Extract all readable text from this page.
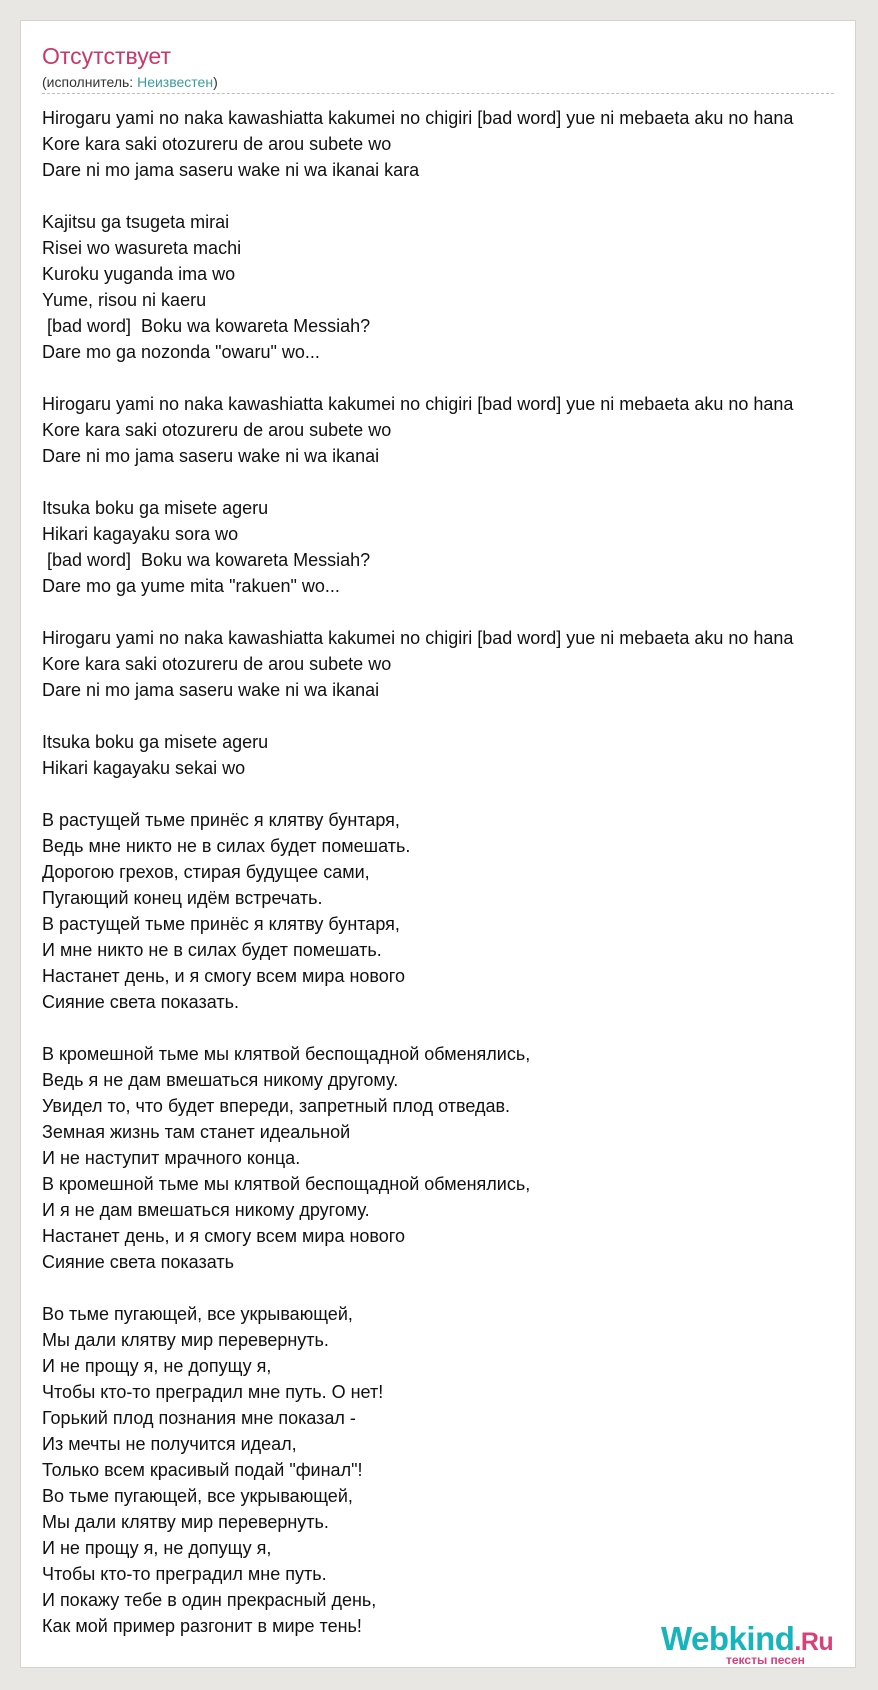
Отсутствует
(исполнитель: Неизвестен)
Hirogaru yami no naka kawashiatta kakumei no chigiri [bad word] yue ni mebaeta aku no hana
Kore kara saki otozureru de arou subete wo
Dare ni mo jama saseru wake ni wa ikanai kara
Kajitsu ga tsugeta mirai
Risei wo wasureta machi
Kuroku yuganda ima wo
Yume, risou ni kaeru
[bad word]  Boku wa kowareta Messiah?
Dare mo ga nozonda "owaru" wo...
Hirogaru yami no naka kawashiatta kakumei no chigiri [bad word] yue ni mebaeta aku no hana
Kore kara saki otozureru de arou subete wo
Dare ni mo jama saseru wake ni wa ikanai
Itsuka boku ga misete ageru
Hikari kagayaku sora wo
[bad word]  Boku wa kowareta Messiah?
Dare mo ga yume mita "rakuen" wo...
Hirogaru yami no naka kawashiatta kakumei no chigiri [bad word] yue ni mebaeta aku no hana
Kore kara saki otozureru de arou subete wo
Dare ni mo jama saseru wake ni wa ikanai
Itsuka boku ga misete ageru
Hikari kagayaku sekai wo
В растущей тьме принёс я клятву бунтаря,
Ведь мне никто не в силах будет помешать.
Дорогою грехов, стирая будущее сами,
Пугающий конец идём встречать.
В растущей тьме принёс я клятву бунтаря,
И мне никто не в силах будет помешать.
Настанет день, и я смогу всем мира нового
Сияние света показать.
В кромешной тьме мы клятвой беспощадной обменялись,
Ведь я не дам вмешаться никому другому.
Увидел то, что будет впереди, запретный плод отведав.
Земная жизнь там станет идеальной
И не наступит мрачного конца.
В кромешной тьме мы клятвой беспощадной обменялись,
И я не дам вмешаться никому другому.
Настанет день, и я смогу всем мира нового
Сияние света показать
Во тьме пугающей, все укрывающей,
Мы дали клятву мир перевернуть.
И не прощу я, не допущу я,
Чтобы кто-то преградил мне путь. О нет!
Горький плод познания мне показал -
Из мечты не получится идеал,
Только всем красивый подай "финал"!
Во тьме пугающей, все укрывающей,
Мы дали клятву мир перевернуть.
И не прощу я, не допущу я,
Чтобы кто-то преградил мне путь.
И покажу тебе в один прекрасный день,
Как мой пример разгонит в мире тень!	Webkind.Ru
тексты песен
